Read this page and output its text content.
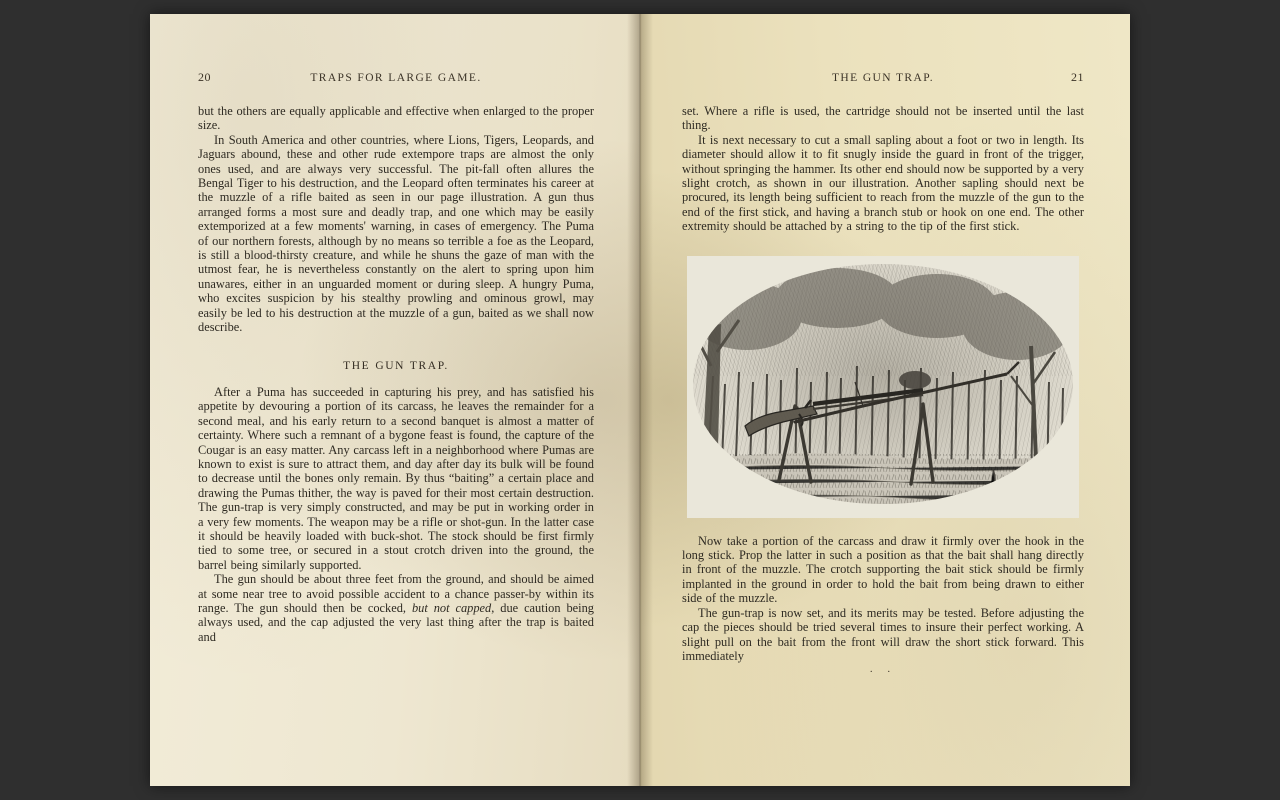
20	TRAPS FOR LARGE GAME.

but the others are equally applicable and effective when enlarged to the proper size.

In South America and other countries, where Lions, Tigers, Leopards, and Jaguars abound, these and other rude extempore traps are almost the only ones used, and are always very successful. The pit-fall often allures the Bengal Tiger to his destruction, and the Leopard often terminates his career at the muzzle of a rifle baited as seen in our page illustration. A gun thus arranged forms a most sure and deadly trap, and one which may be easily extemporized at a few moments' warning, in cases of emergency. The Puma of our northern forests, although by no means so terrible a foe as the Leopard, is still a blood-thirsty creature, and while he shuns the gaze of man with the utmost fear, he is nevertheless constantly on the alert to spring upon him unawares, either in an unguarded moment or during sleep. A hungry Puma, who excites suspicion by his stealthy prowling and ominous growl, may easily be led to his destruction at the muzzle of a gun, baited as we shall now describe.

THE GUN TRAP.

After a Puma has succeeded in capturing his prey, and has satisfied his appetite by devouring a portion of its carcass, he leaves the remainder for a second meal, and his early return to a second banquet is almost a matter of certainty. Where such a remnant of a bygone feast is found, the capture of the Cougar is an easy matter. Any carcass left in a neighborhood where Pumas are known to exist is sure to attract them, and day after day its bulk will be found to decrease until the bones only remain. By thus “baiting” a certain place and drawing the Pumas thither, the way is paved for their most certain destruction. The gun-trap is very simply constructed, and may be put in working order in a very few moments. The weapon may be a rifle or shot-gun. In the latter case it should be heavily loaded with buck-shot. The stock should be first firmly tied to some tree, or secured in a stout crotch driven into the ground, the barrel being similarly supported.

The gun should be about three feet from the ground, and should be aimed at some near tree to avoid possible accident to a chance passer-by within its range. The gun should then be cocked, but not capped, due caution being always used, and the cap adjusted the very last thing after the trap is baited and

THE GUN TRAP.	21

set. Where a rifle is used, the cartridge should not be inserted until the last thing.

It is next necessary to cut a small sapling about a foot or two in length. Its diameter should allow it to fit snugly inside the guard in front of the trigger, without springing the hammer. Its other end should now be supported by a very slight crotch, as shown in our illustration. Another sapling should next be procured, its length being sufficient to reach from the muzzle of the gun to the end of the first stick, and having a branch stub or hook on one end. The other extremity should be attached by a string to the tip of the first stick.

Now take a portion of the carcass and draw it firmly over the hook in the long stick. Prop the latter in such a position as that the bait shall hang directly in front of the muzzle. The crotch supporting the bait stick should be firmly implanted in the ground in order to hold the bait from being drawn to either side of the muzzle.

The gun-trap is now set, and its merits may be tested. Before adjusting the cap the pieces should be tried several times to insure their perfect working. A slight pull on the bait from the front will draw the short stick forward. This immediately

. .
